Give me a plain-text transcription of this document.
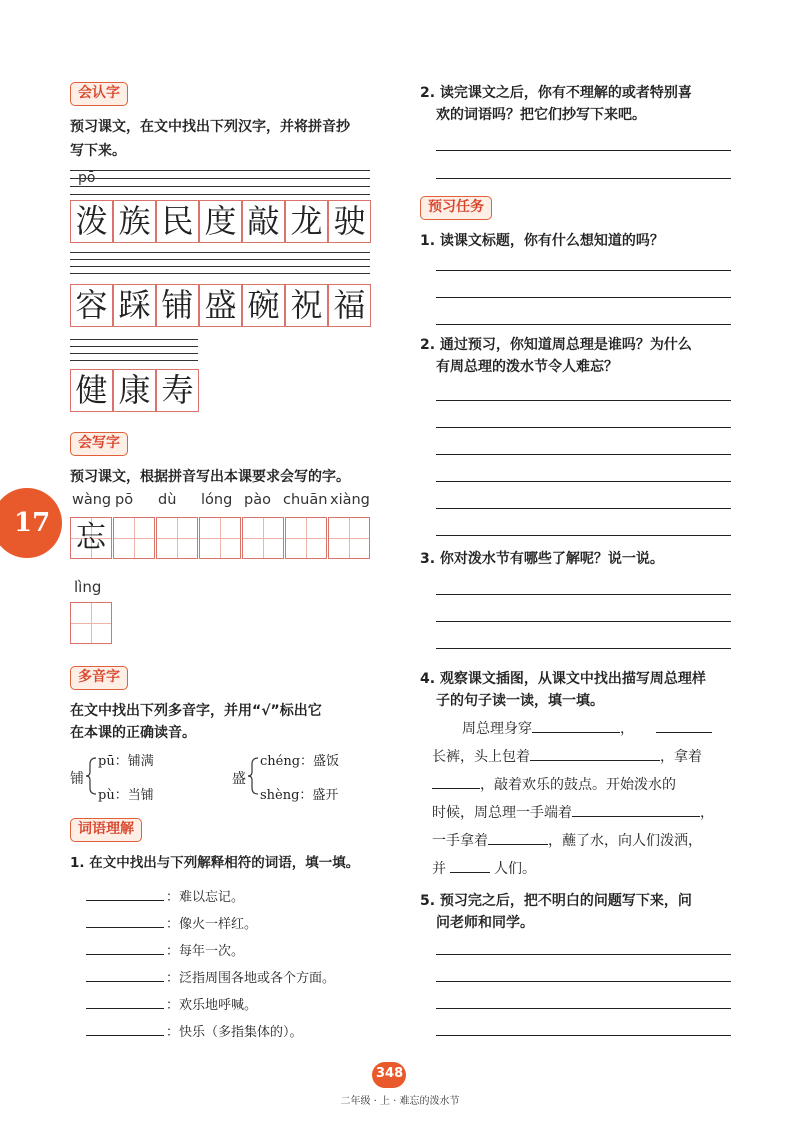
17
会认字
预习课文，在文中找出下列汉字，并将拼音抄
写下来。
pō
泼 族 民 度 敲 龙 驶
容 踩 铺 盛 碗 祝 福
健 康 寿
会写字
预习课文，根据拼音写出本课要求会写的字。
wàng pō dù lóng pào chuān xiàng
忘
lìng
多音字
在文中找出下列多音字，并用“√”标出它
在本课的正确读音。
铺
pū：铺满
pù：当铺
盛
chéng：盛饭
shèng：盛开
词语理解
1. 在文中找出与下列解释相符的词语，填一填。
：难以忘记。
：像火一样红。
：每年一次。
：泛指周围各地或各个方面。
：欢乐地呼喊。
：快乐（多指集体的）。
2. 读完课文之后，你有不理解的或者特别喜
欢的词语吗？把它们抄写下来吧。
预习任务
1. 读课文标题，你有什么想知道的吗？
2. 通过预习，你知道周总理是谁吗？为什么
有周总理的泼水节令人难忘？
3. 你对泼水节有哪些了解呢？说一说。
4. 观察课文插图，从课文中找出描写周总理样
子的句子读一读，填一填。
周总理身穿	，
长裤，头上包着	，拿着
，敲着欢乐的鼓点。开始泼水的
时候，周总理一手端着	，
一手拿着	，蘸了水，向人们泼洒，
并	人们。
5. 预习完之后，把不明白的问题写下来，问
问老师和同学。
348
二年级 · 上 · 难忘的泼水节
